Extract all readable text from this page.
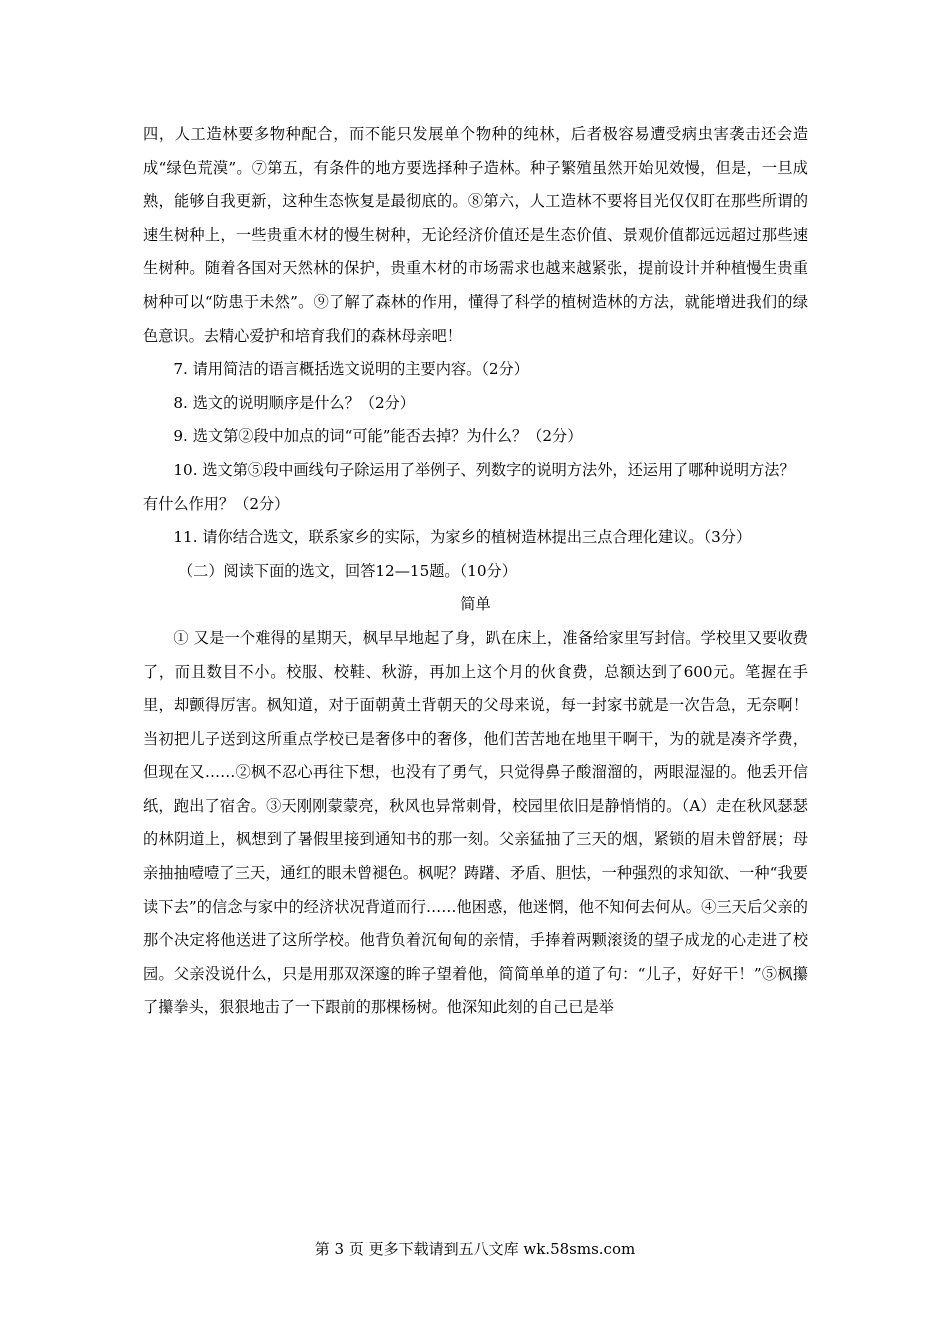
四，人工造林要多物种配合，而不能只发展单个物种的纯林，后者极容易遭受病虫害袭击还会造成“绿色荒漠”。⑦第五，有条件的地方要选择种子造林。种子繁殖虽然开始见效慢，但是，一旦成熟，能够自我更新，这种生态恢复是最彻底的。⑧第六，人工造林不要将目光仅仅盯在那些所谓的速生树种上，一些贵重木材的慢生树种，无论经济价值还是生态价值、景观价值都远远超过那些速生树种。随着各国对天然林的保护，贵重木材的市场需求也越来越紧张，提前设计并种植慢生贵重树种可以“防患于未然”。⑨了解了森林的作用，懂得了科学的植树造林的方法，就能增进我们的绿色意识。去精心爱护和培育我们的森林母亲吧！

7. 请用简洁的语言概括选文说明的主要内容。（2分）

8. 选文的说明顺序是什么？（2分）

9. 选文第②段中加点的词“可能”能否去掉？为什么？（2分）

10. 选文第⑤段中画线句子除运用了举例子、列数字的说明方法外，还运用了哪种说明方法？有什么作用？（2分）

11. 请你结合选文，联系家乡的实际，为家乡的植树造林提出三点合理化建议。（3分）

（二）阅读下面的选文，回答12—15题。（10分）

简单

① 又是一个难得的星期天，枫早早地起了身，趴在床上，准备给家里写封信。学校里又要收费了，而且数目不小。校服、校鞋、秋游，再加上这个月的伙食费，总额达到了600元。笔握在手里，却颤得厉害。枫知道，对于面朝黄土背朝天的父母来说，每一封家书就是一次告急，无奈啊！当初把儿子送到这所重点学校已是奢侈中的奢侈，他们苦苦地在地里干啊干，为的就是凑齐学费，但现在又……②枫不忍心再往下想，也没有了勇气，只觉得鼻子酸溜溜的，两眼湿湿的。他丢开信纸，跑出了宿舍。③天刚刚蒙蒙亮，秋风也异常刺骨，校园里依旧是静悄悄的。（A）走在秋风瑟瑟的林阴道上，枫想到了暑假里接到通知书的那一刻。父亲猛抽了三天的烟，紧锁的眉未曾舒展；母亲抽抽噎噎了三天，通红的眼未曾褪色。枫呢？踌躇、矛盾、胆怯，一种强烈的求知欲、一种“我要读下去”的信念与家中的经济状况背道而行……他困惑，他迷惘，他不知何去何从。④三天后父亲的那个决定将他送进了这所学校。他背负着沉甸甸的亲情，手捧着两颗滚烫的望子成龙的心走进了校园。父亲没说什么，只是用那双深邃的眸子望着他，简简单单的道了句：“儿子，好好干！”⑤枫攥了攥拳头，狠狠地击了一下跟前的那棵杨树。他深知此刻的自己已是举

第 3 页 更多下载请到五八文库 wk.58sms.com
